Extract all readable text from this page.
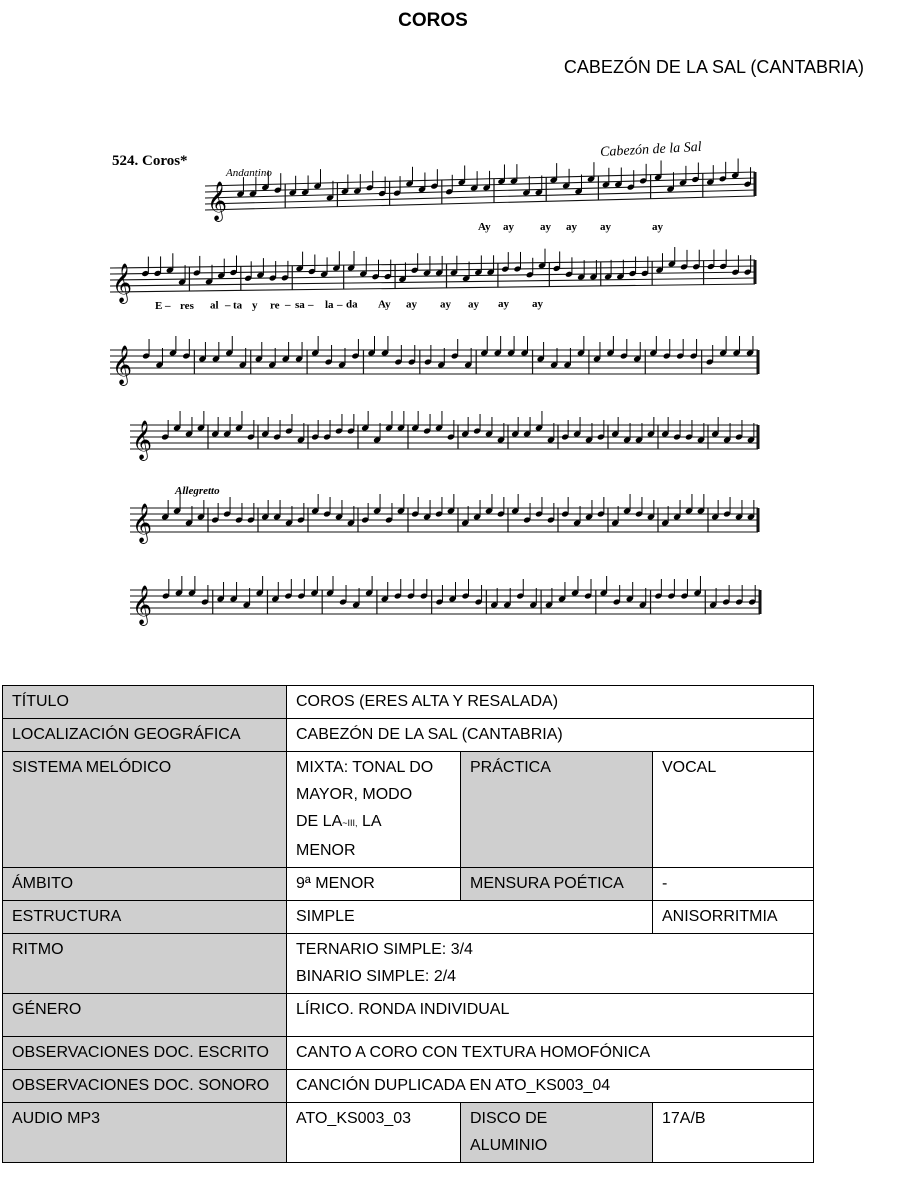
COROS
CABEZÓN DE LA SAL (CANTABRIA)
524. Coros*
Cabezón de la Sal
Andantino
Allegretto
𝄞
𝄞
𝄞
𝄞
𝄞
𝄞
Ay ay ay ay ay	ay
E – res al – ta y re – sa – la – da Ay ay ay ay ay ay
TÍTULO	COROS (ERES ALTA Y RESALADA)		
LOCALIZACIÓN GEOGRÁFICA	CABEZÓN DE LA SAL (CANTABRIA)		
SISTEMA MELÓDICO	MIXTA: TONAL DO
MAYOR, MODO
DE LA~III, LA
MENOR	PRÁCTICA	VOCAL
ÁMBITO	9ª MENOR	MENSURA POÉTICA	-
ESTRUCTURA	SIMPLE		ANISORRITMIA
RITMO	TERNARIO SIMPLE: 3/4
BINARIO SIMPLE: 2/4		

GÉNERO	LÍRICO. RONDA INDIVIDUAL		
OBSERVACIONES DOC. ESCRITO	CANTO A CORO CON TEXTURA HOMOFÓNICA		
OBSERVACIONES DOC. SONORO	CANCIÓN DUPLICADA EN ATO_KS003_04		
AUDIO MP3	ATO_KS003_03	DISCO DE
ALUMINIO	17A/B
